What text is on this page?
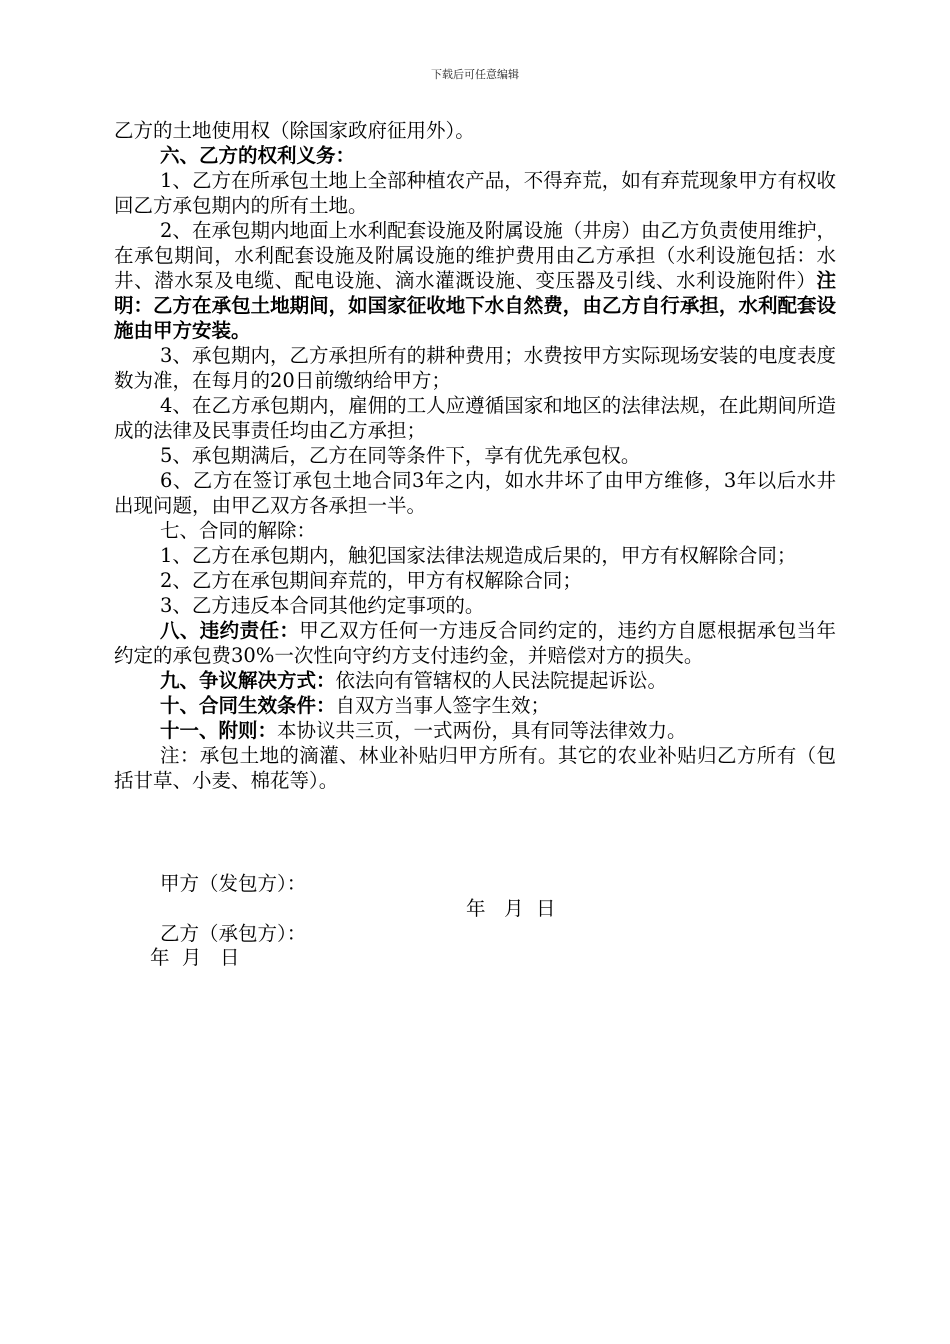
下载后可任意编辑

乙方的土地使用权（除国家政府征用外）。

六、乙方的权利义务：

1、乙方在所承包土地上全部种植农产品，不得弃荒，如有弃荒现象甲方有权收回乙方承包期内的所有土地。

2、在承包期内地面上水利配套设施及附属设施（井房）由乙方负责使用维护，在承包期间，水利配套设施及附属设施的维护费用由乙方承担（水利设施包括：水井、潜水泵及电缆、配电设施、滴水灌溉设施、变压器及引线、水利设施附件）注明：乙方在承包土地期间，如国家征收地下水自然费，由乙方自行承担，水利配套设施由甲方安装。

3、承包期内，乙方承担所有的耕种费用；水费按甲方实际现场安装的电度表度数为准，在每月的20日前缴纳给甲方；

4、在乙方承包期内，雇佣的工人应遵循国家和地区的法律法规，在此期间所造成的法律及民事责任均由乙方承担；

5、承包期满后，乙方在同等条件下，享有优先承包权。

6、乙方在签订承包土地合同3年之内，如水井坏了由甲方维修，3年以后水井出现问题，由甲乙双方各承担一半。

七、合同的解除：

1、乙方在承包期内，触犯国家法律法规造成后果的，甲方有权解除合同；

2、乙方在承包期间弃荒的，甲方有权解除合同；

3、乙方违反本合同其他约定事项的。

八、违约责任：甲乙双方任何一方违反合同约定的，违约方自愿根据承包当年约定的承包费30%一次性向守约方支付违约金，并赔偿对方的损失。

九、争议解决方式：依法向有管辖权的人民法院提起诉讼。

十、合同生效条件：自双方当事人签字生效；

十一、附则：本协议共三页，一式两份，具有同等法律效力。

注：承包土地的滴灌、林业补贴归甲方所有。其它的农业补贴归乙方所有（包括甘草、小麦、棉花等）。

甲方（发包方）：
年   月  日
乙方（承包方）：
年  月   日
